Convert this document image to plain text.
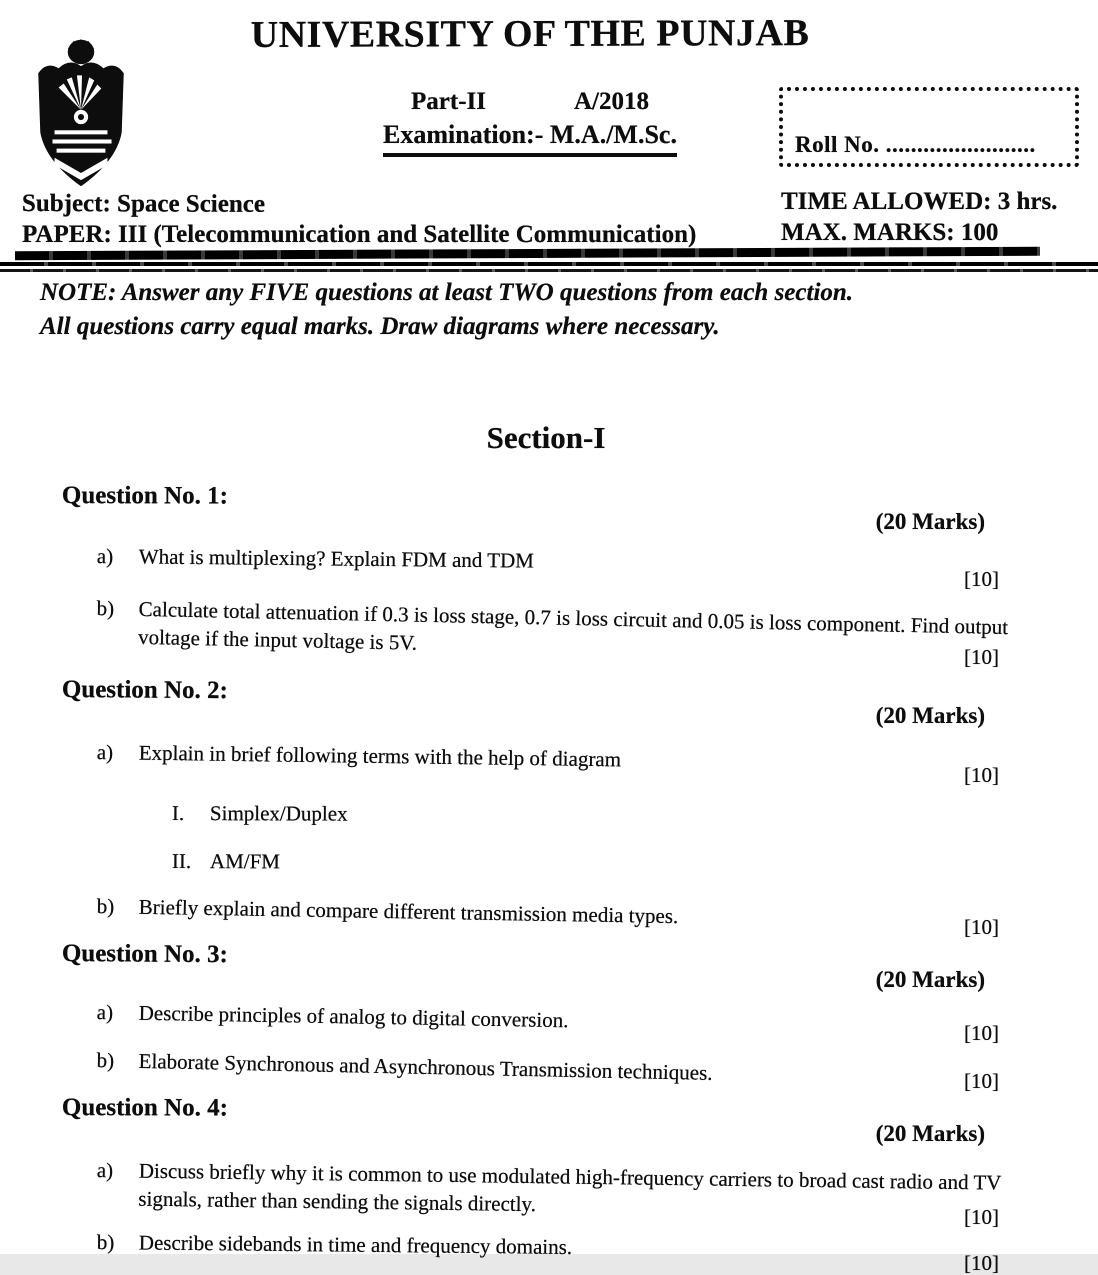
UNIVERSITY OF THE PUNJAB
Part-II	A/2018
Examination:- M.A./M.Sc.	Roll No. ........................
Subject: Space Science
PAPER: III (Telecommunication and Satellite Communication)
TIME ALLOWED: 3 hrs.
MAX. MARKS: 100
NOTE: Answer any FIVE questions at least TWO questions from each section.
All questions carry equal marks. Draw diagrams where necessary.
Section-I
Question No. 1:
(20 Marks)
a)	What is multiplexing? Explain FDM and TDM
[10]
b)	Calculate total attenuation if 0.3 is loss stage, 0.7 is loss circuit and 0.05 is loss component. Find output voltage if the input voltage is 5V.
[10]
Question No. 2:
(20 Marks)
a)	Explain in brief following terms with the help of diagram
[10]
I.	Simplex/Duplex
II. AM/FM
b)	Briefly explain and compare different transmission media types.	[10]
Question No. 3:
(20 Marks)
a)	Describe principles of analog to digital conversion.
[10]
b)	Elaborate Synchronous and Asynchronous Transmission techniques.	[10]
Question No. 4:
(20 Marks)
a)	Discuss briefly why it is common to use modulated high-frequency carriers to broad cast radio and TV signals, rather than sending the signals directly.
[10]
b)	Describe sidebands in time and frequency domains.
[10]
